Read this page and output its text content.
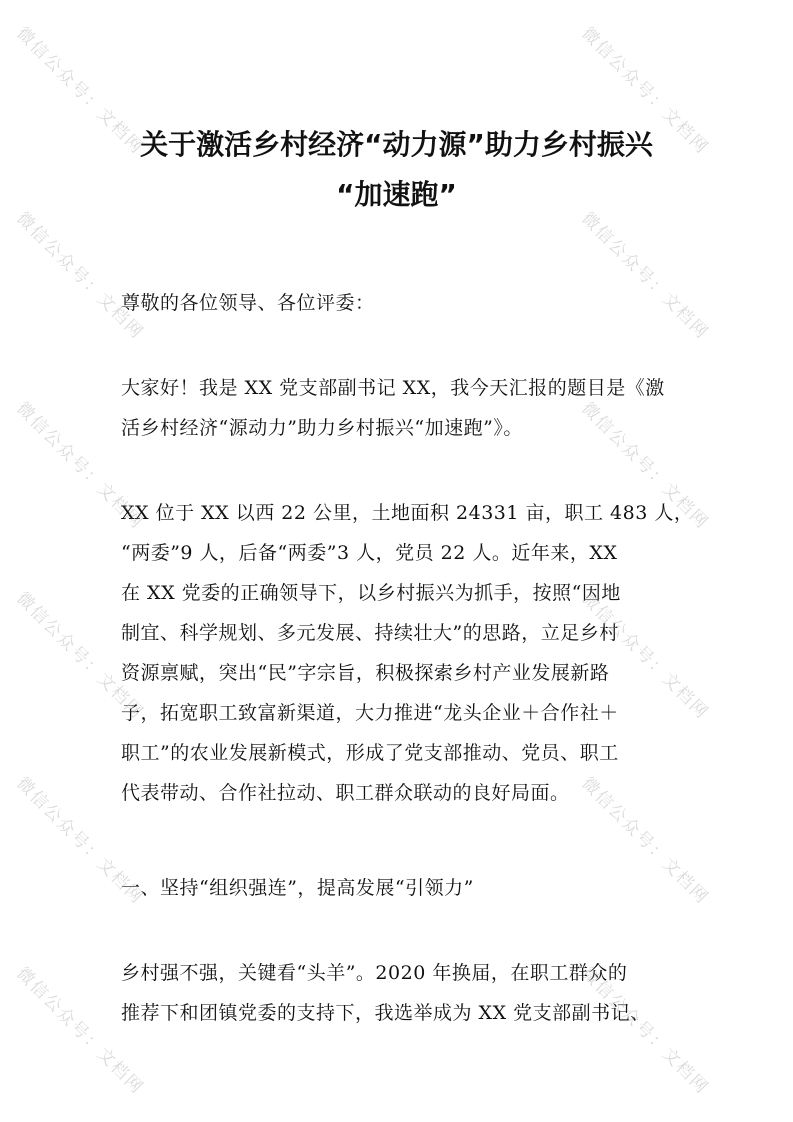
关于激活乡村经济“动力源”助力乡村振兴
“加速跑”

尊敬的各位领导、各位评委：

大家好！我是 XX 党支部副书记 XX，我今天汇报的题目是《激
活乡村经济“源动力”助力乡村振兴“加速跑”》。

XX 位于 XX 以西 22 公里，土地面积 24331 亩，职工 483 人，
“两委”9 人，后备“两委”3 人，党员 22 人。近年来，XX
在 XX 党委的正确领导下，以乡村振兴为抓手，按照“因地
制宜、科学规划、多元发展、持续壮大”的思路，立足乡村
资源禀赋，突出“民”字宗旨，积极探索乡村产业发展新路
子，拓宽职工致富新渠道，大力推进“龙头企业＋合作社＋
职工”的农业发展新模式，形成了党支部推动、党员、职工
代表带动、合作社拉动、职工群众联动的良好局面。

一、坚持“组织强连”，提高发展“引领力”

乡村强不强，关键看“头羊”。2020 年换届，在职工群众的
推荐下和团镇党委的支持下，我选举成为 XX 党支部副书记、

微信公众号：文档网	微信公众号：文档网
微信公众号：文档网	微信公众号：文档网
微信公众号：文档网	微信公众号：文档网
微信公众号：文档网	微信公众号：文档网
微信公众号：文档网	微信公众号：文档网
微信公众号：文档网	微信公众号：文档网
